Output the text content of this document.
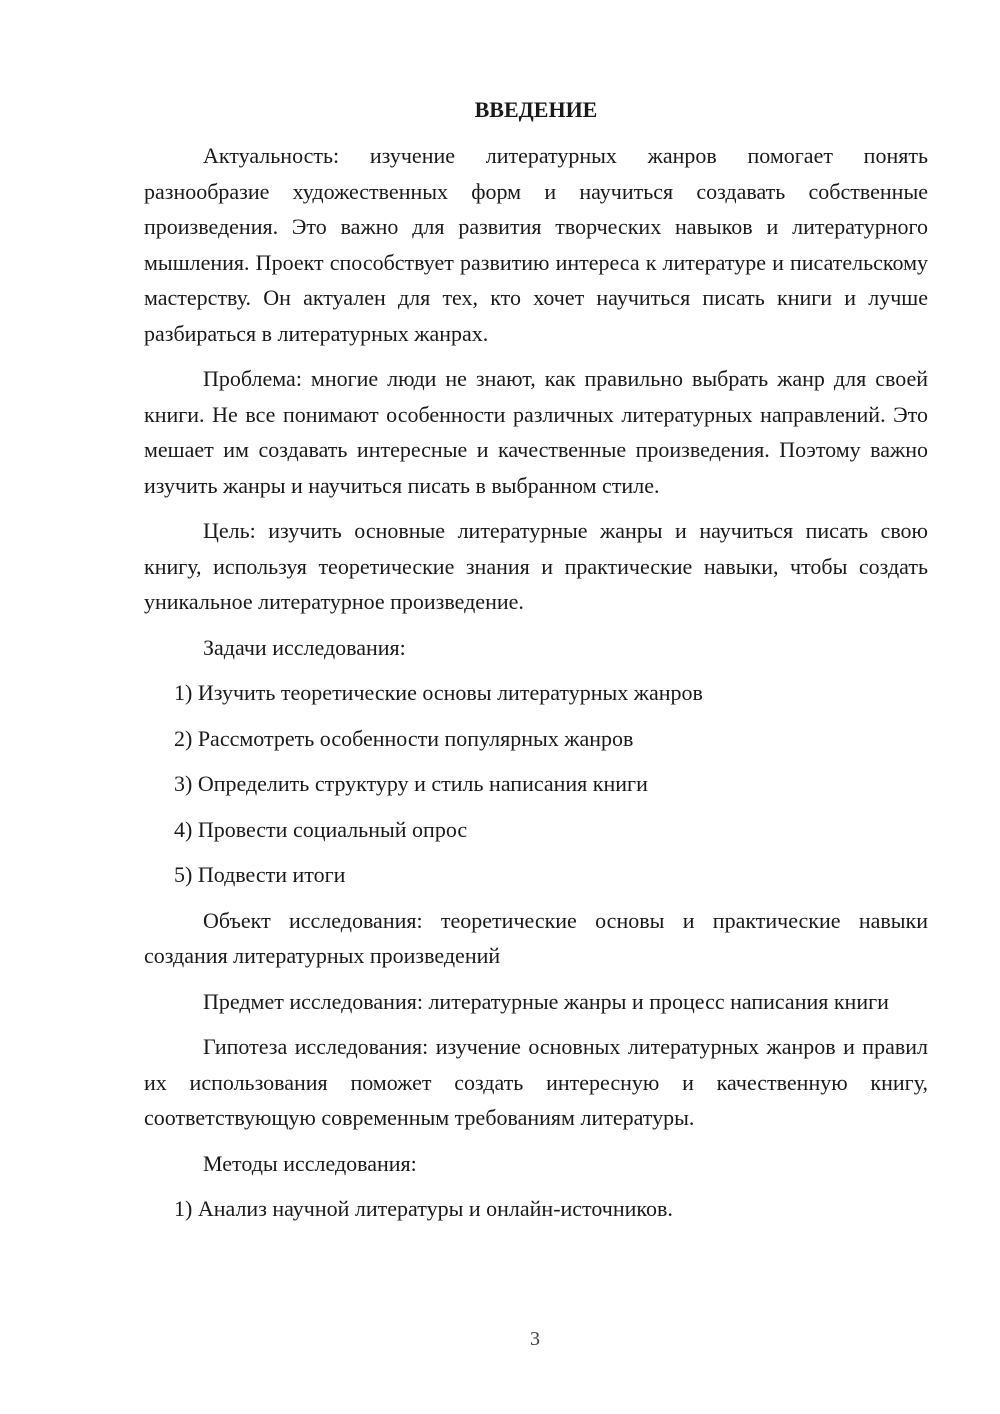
ВВЕДЕНИЕ

Актуальность: изучение литературных жанров помогает понять разнообразие художественных форм и научиться создавать собственные произведения. Это важно для развития творческих навыков и литературного мышления. Проект способствует развитию интереса к литературе и писательскому мастерству. Он актуален для тех, кто хочет научиться писать книги и лучше разбираться в литературных жанрах.

Проблема: многие люди не знают, как правильно выбрать жанр для своей книги. Не все понимают особенности различных литературных направлений. Это мешает им создавать интересные и качественные произведения. Поэтому важно изучить жанры и научиться писать в выбранном стиле.

Цель: изучить основные литературные жанры и научиться писать свою книгу, используя теоретические знания и практические навыки, чтобы создать уникальное литературное произведение.

Задачи исследования:

1) Изучить теоретические основы литературных жанров
2) Рассмотреть особенности популярных жанров
3) Определить структуру и стиль написания книги
4) Провести социальный опрос
5) Подвести итоги

Объект исследования: теоретические основы и практические навыки создания литературных произведений

Предмет исследования: литературные жанры и процесс написания книги

Гипотеза исследования: изучение основных литературных жанров и правил их использования поможет создать интересную и качественную книгу, соответствующую современным требованиям литературы.

Методы исследования:

1) Анализ научной литературы и онлайн-источников.
3
